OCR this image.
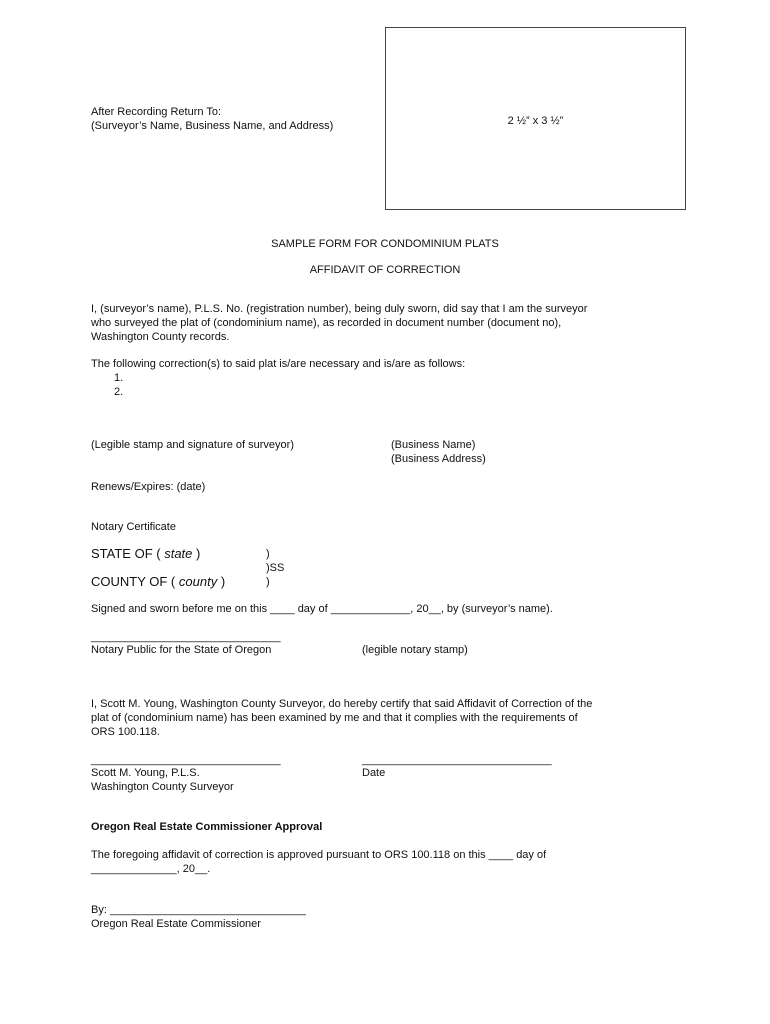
After Recording Return To:
(Surveyor’s Name, Business Name, and Address)	2 ½” x 3 ½”
SAMPLE FORM FOR CONDOMINIUM PLATS
AFFIDAVIT OF CORRECTION
I, (surveyor’s name), P.L.S. No. (registration number), being duly sworn, did say that I am the surveyor
who surveyed the plat of (condominium name), as recorded in document number (document no),
Washington County records.
The following correction(s) to said plat is/are necessary and is/are as follows:
1.
2.
(Legible stamp and signature of surveyor)	(Business Name)
(Business Address)
Renews/Expires: (date)
Notary Certificate
STATE OF ( state )
COUNTY OF ( county )
)
)SS
)
Signed and sworn before me on this ____ day of _____________, 20__, by (surveyor’s name).
_______________________________
Notary Public for the State of Oregon	(legible notary stamp)
I, Scott M. Young, Washington County Surveyor, do hereby certify that said Affidavit of Correction of the
plat of (condominium name) has been examined by me and that it complies with the requirements of
ORS 100.118.
_______________________________	_______________________________
Scott M. Young, P.L.S.	Date
Washington County Surveyor
Oregon Real Estate Commissioner Approval
The foregoing affidavit of correction is approved pursuant to ORS 100.118 on this ____ day of
______________, 20__.
By: ________________________________
Oregon Real Estate Commissioner
